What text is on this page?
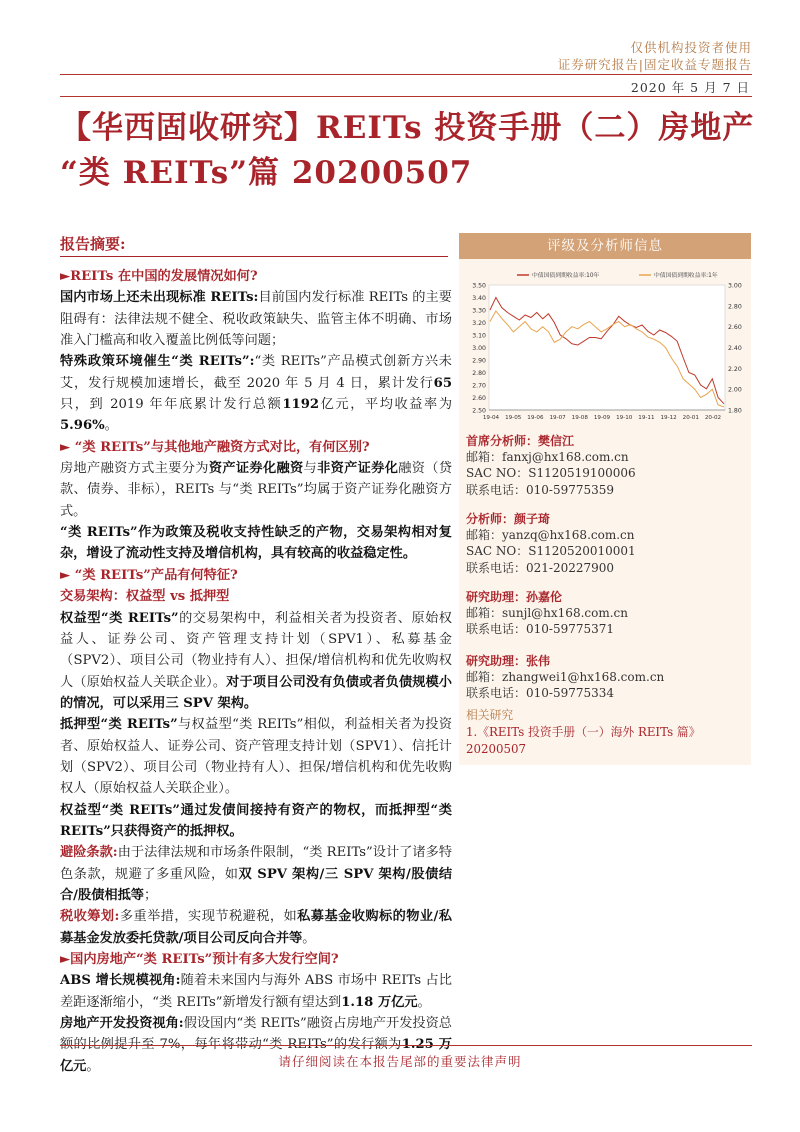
仅供机构投资者使用
证券研究报告|固定收益专题报告
2020 年 5 月 7 日
【华西固收研究】REITs 投资手册（二）房地产
“类 REITs”篇 20200507
报告摘要:

►REITs 在中国的发展情况如何?

国内市场上还未出现标准 REITs:目前国内发行标准 REITs 的主要阻碍有：法律法规不健全、税收政策缺失、监管主体不明确、市场准入门槛高和收入覆盖比例低等问题；

特殊政策环境催生“类 REITs”:“类 REITs”产品模式创新方兴未艾，发行规模加速增长，截至 2020 年 5 月 4 日，累计发行65只，到 2019 年年底累计发行总额1192亿元，平均收益率为5.96%。

► “类 REITs”与其他地产融资方式对比，有何区别?

房地产融资方式主要分为资产证券化融资与非资产证券化融资（贷款、债券、非标），REITs 与“类 REITs”均属于资产证券化融资方式。

“类 REITs”作为政策及税收支持性缺乏的产物，交易架构相对复杂，增设了流动性支持及增信机构，具有较高的收益稳定性。

► “类 REITs”产品有何特征?

交易架构：权益型 vs 抵押型

权益型“类 REITs”的交易架构中，利益相关者为投资者、原始权益人、证券公司、资产管理支持计划（SPV1）、私募基金（SPV2）、项目公司（物业持有人）、担保/增信机构和优先收购权人（原始权益人关联企业）。对于项目公司没有负债或者负债规模小的情况，可以采用三 SPV 架构。

抵押型“类 REITs”与权益型“类 REITs”相似，利益相关者为投资者、原始权益人、证券公司、资产管理支持计划（SPV1）、信托计划（SPV2）、项目公司（物业持有人）、担保/增信机构和优先收购权人（原始权益人关联企业）。

权益型“类 REITs”通过发债间接持有资产的物权，而抵押型“类 REITs”只获得资产的抵押权。

避险条款:由于法律法规和市场条件限制，“类 REITs”设计了诸多特色条款，规避了多重风险，如双 SPV 架构/三 SPV 架构/股债结合/股债相抵等；

税收筹划:多重举措，实现节税避税，如私募基金收购标的物业/私募基金发放委托贷款/项目公司反向合并等。

►国内房地产“类 REITs”预计有多大发行空间?

ABS 增长规模视角:随着未来国内与海外 ABS 市场中 REITs 占比差距逐渐缩小，“类 REITs”新增发行额有望达到1.18 万亿元。

房地产开发投资视角:假设国内“类 REITs”融资占房地产开发投资总额的比例提升至 7%，每年将带动“类 REITs”的发行额为1.25 万亿元。

评级及分析师信息
3.50
3.40
3.30
3.20
3.10
3.00
2.90
2.80
2.70
2.60
2.50
3.00
2.80
2.60
2.40
2.20
2.00
1.80
19-04 19-05 19-06 19-07 19-08 19-09 19-10 19-11 19-12 20-01 20-02
中债国债到期收益率:10年	中债国债到期收益率:1年
首席分析师：樊信江
邮箱：fanxj@hx168.com.cn
SAC NO：S1120519100006
联系电话：010-59775359
分析师：颜子琦
邮箱：yanzq@hx168.com.cn
SAC NO：S1120520010001
联系电话：021-20227900
研究助理：孙嘉伦
邮箱：sunjl@hx168.com.cn
联系电话：010-59775371
研究助理：张伟
邮箱：zhangwei1@hx168.com.cn
联系电话：010-59775334
相关研究
1.《REITs 投资手册（一）海外 REITs 篇》20200507
请仔细阅读在本报告尾部的重要法律声明
